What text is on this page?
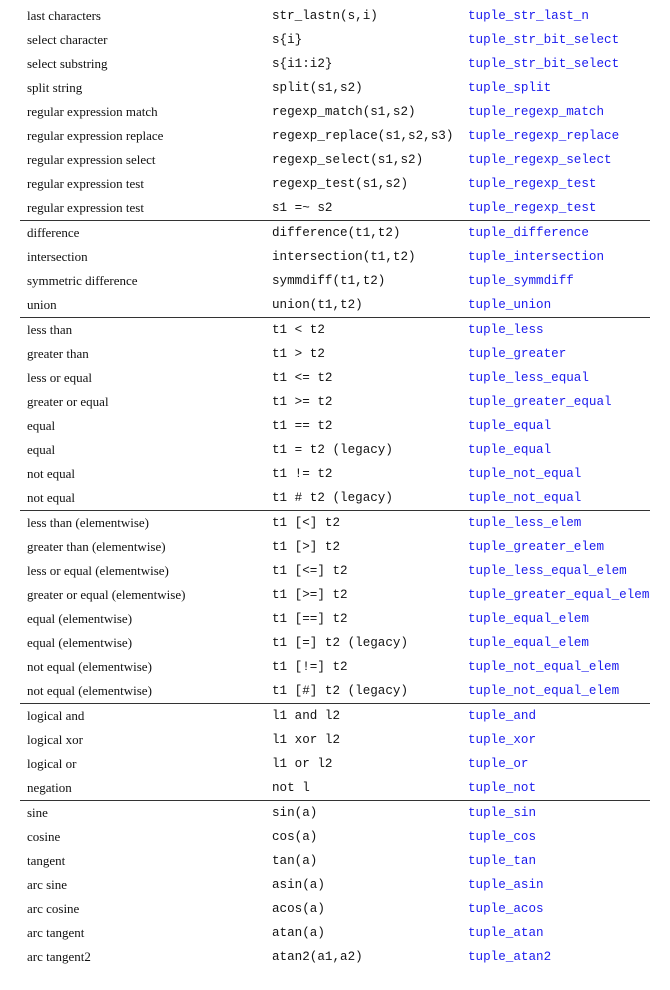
last characters	str_lastn(s,i)	tuple_str_last_n
select character	s{i}	tuple_str_bit_select
select substring	s{i1:i2}	tuple_str_bit_select
split string	split(s1,s2)	tuple_split
regular expression match	regexp_match(s1,s2)	tuple_regexp_match
regular expression replace	regexp_replace(s1,s2,s3)	tuple_regexp_replace
regular expression select	regexp_select(s1,s2)	tuple_regexp_select
regular expression test	regexp_test(s1,s2)	tuple_regexp_test
regular expression test	s1 =~ s2	tuple_regexp_test
difference	difference(t1,t2)	tuple_difference
intersection	intersection(t1,t2)	tuple_intersection
symmetric difference	symmdiff(t1,t2)	tuple_symmdiff
union	union(t1,t2)	tuple_union
less than	t1 < t2	tuple_less
greater than	t1 > t2	tuple_greater
less or equal	t1 <= t2	tuple_less_equal
greater or equal	t1 >= t2	tuple_greater_equal
equal	t1 == t2	tuple_equal
equal	t1 = t2 (legacy)	tuple_equal
not equal	t1 != t2	tuple_not_equal
not equal	t1 # t2 (legacy)	tuple_not_equal
less than (elementwise)	t1 [<] t2	tuple_less_elem
greater than (elementwise)	t1 [>] t2	tuple_greater_elem
less or equal (elementwise)	t1 [<=] t2	tuple_less_equal_elem
greater or equal (elementwise)	t1 [>=] t2	tuple_greater_equal_elem
equal (elementwise)	t1 [==] t2	tuple_equal_elem
equal (elementwise)	t1 [=] t2 (legacy)	tuple_equal_elem
not equal (elementwise)	t1 [!=] t2	tuple_not_equal_elem
not equal (elementwise)	t1 [#] t2 (legacy)	tuple_not_equal_elem
logical and	l1 and l2	tuple_and
logical xor	l1 xor l2	tuple_xor
logical or	l1 or l2	tuple_or
negation	not l	tuple_not
sine	sin(a)	tuple_sin
cosine	cos(a)	tuple_cos
tangent	tan(a)	tuple_tan
arc sine	asin(a)	tuple_asin
arc cosine	acos(a)	tuple_acos
arc tangent	atan(a)	tuple_atan
arc tangent2	atan2(a1,a2)	tuple_atan2
